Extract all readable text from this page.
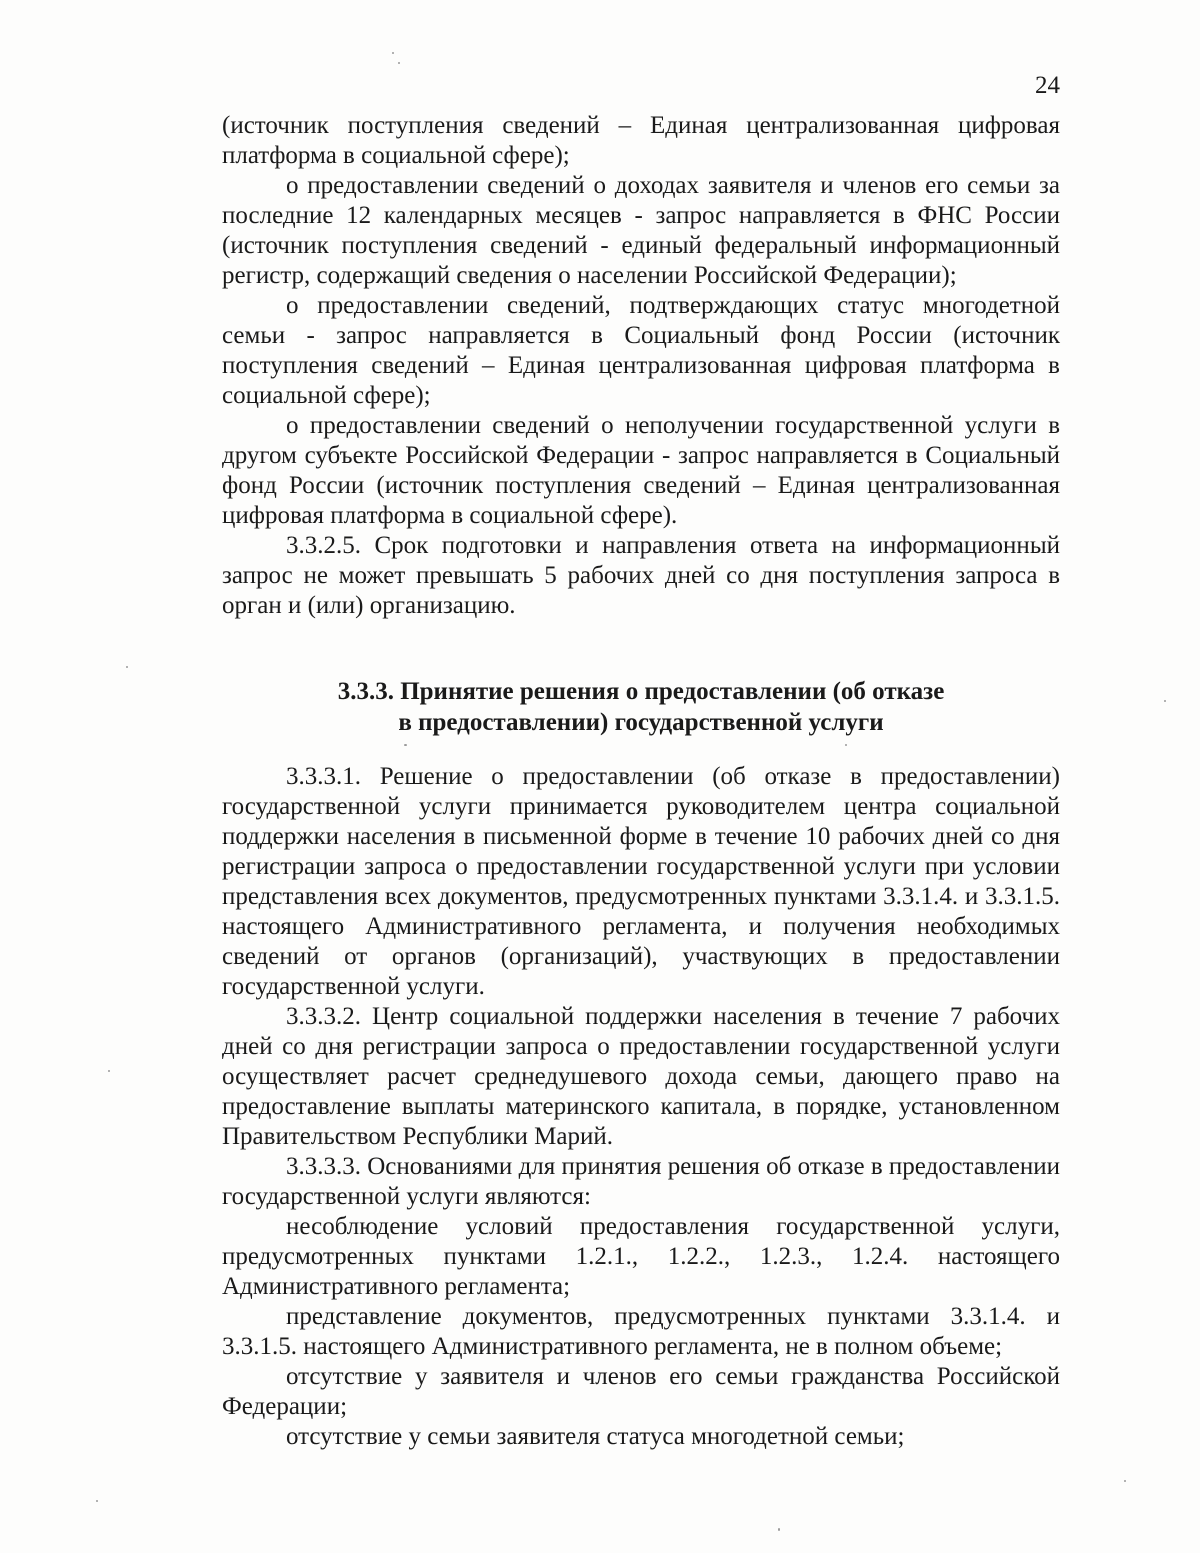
24

(источник поступления сведений – Единая централизованная цифровая платформа в социальной сфере);

о предоставлении сведений о доходах заявителя и членов его семьи за последние 12 календарных месяцев - запрос направляется в ФНС России (источник поступления сведений - единый федеральный информационный регистр, содержащий сведения о населении Российской Федерации);

о предоставлении сведений, подтверждающих статус многодетной семьи - запрос направляется в Социальный фонд России (источник поступления сведений – Единая централизованная цифровая платформа в социальной сфере);

о предоставлении сведений о неполучении государственной услуги в другом субъекте Российской Федерации - запрос направляется в Социальный фонд России (источник поступления сведений – Единая централизованная цифровая платформа в социальной сфере).

3.3.2.5. Срок подготовки и направления ответа на информационный запрос не может превышать 5 рабочих дней со дня поступления запроса в орган и (или) организацию.

3.3.3. Принятие решения о предоставлении (об отказе
в предоставлении) государственной услуги

3.3.3.1. Решение о предоставлении (об отказе в предоставлении) государственной услуги принимается руководителем центра социальной поддержки населения в письменной форме в течение 10 рабочих дней со дня регистрации запроса о предоставлении государственной услуги при условии представления всех документов, предусмотренных пунктами 3.3.1.4. и 3.3.1.5. настоящего Административного регламента, и получения необходимых сведений от органов (организаций), участвующих в предоставлении государственной услуги.

3.3.3.2. Центр социальной поддержки населения в течение 7 рабочих дней со дня регистрации запроса о предоставлении государственной услуги осуществляет расчет среднедушевого дохода семьи, дающего право на предоставление выплаты материнского капитала, в порядке, установленном Правительством Республики Марий.

3.3.3.3. Основаниями для принятия решения об отказе в предоставлении государственной услуги являются:

несоблюдение условий предоставления государственной услуги, предусмотренных пунктами 1.2.1., 1.2.2., 1.2.3., 1.2.4. настоящего Административного регламента;

представление документов, предусмотренных пунктами 3.3.1.4. и 3.3.1.5. настоящего Административного регламента, не в полном объеме;

отсутствие у заявителя и членов его семьи гражданства Российской Федерации;

отсутствие у семьи заявителя статуса многодетной семьи;
